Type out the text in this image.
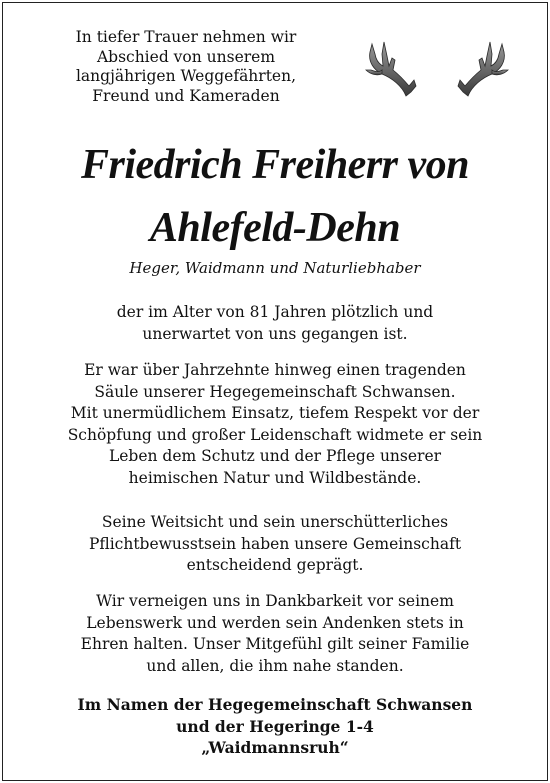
In tiefer Trauer nehmen wir
Abschied von unserem
langjährigen Weggefährten,
Freund und Kameraden
Friedrich Freiherr von
Ahlefeld-Dehn
Heger, Waidmann und Naturliebhaber
der im Alter von 81 Jahren plötzlich und
unerwartet von uns gegangen ist.
Er war über Jahrzehnte hinweg einen tragenden
Säule unserer Hegegemeinschaft Schwansen.
Mit unermüdlichem Einsatz, tiefem Respekt vor der
Schöpfung und großer Leidenschaft widmete er sein
Leben dem Schutz und der Pflege unserer
heimischen Natur und Wildbestände.
Seine Weitsicht und sein unerschütterliches
Pflichtbewusstsein haben unsere Gemeinschaft
entscheidend geprägt.
Wir verneigen uns in Dankbarkeit vor seinem
Lebenswerk und werden sein Andenken stets in
Ehren halten. Unser Mitgefühl gilt seiner Familie
und allen, die ihm nahe standen.
Im Namen der Hegegemeinschaft Schwansen
und der Hegeringe 1-4
„Waidmannsruh“
